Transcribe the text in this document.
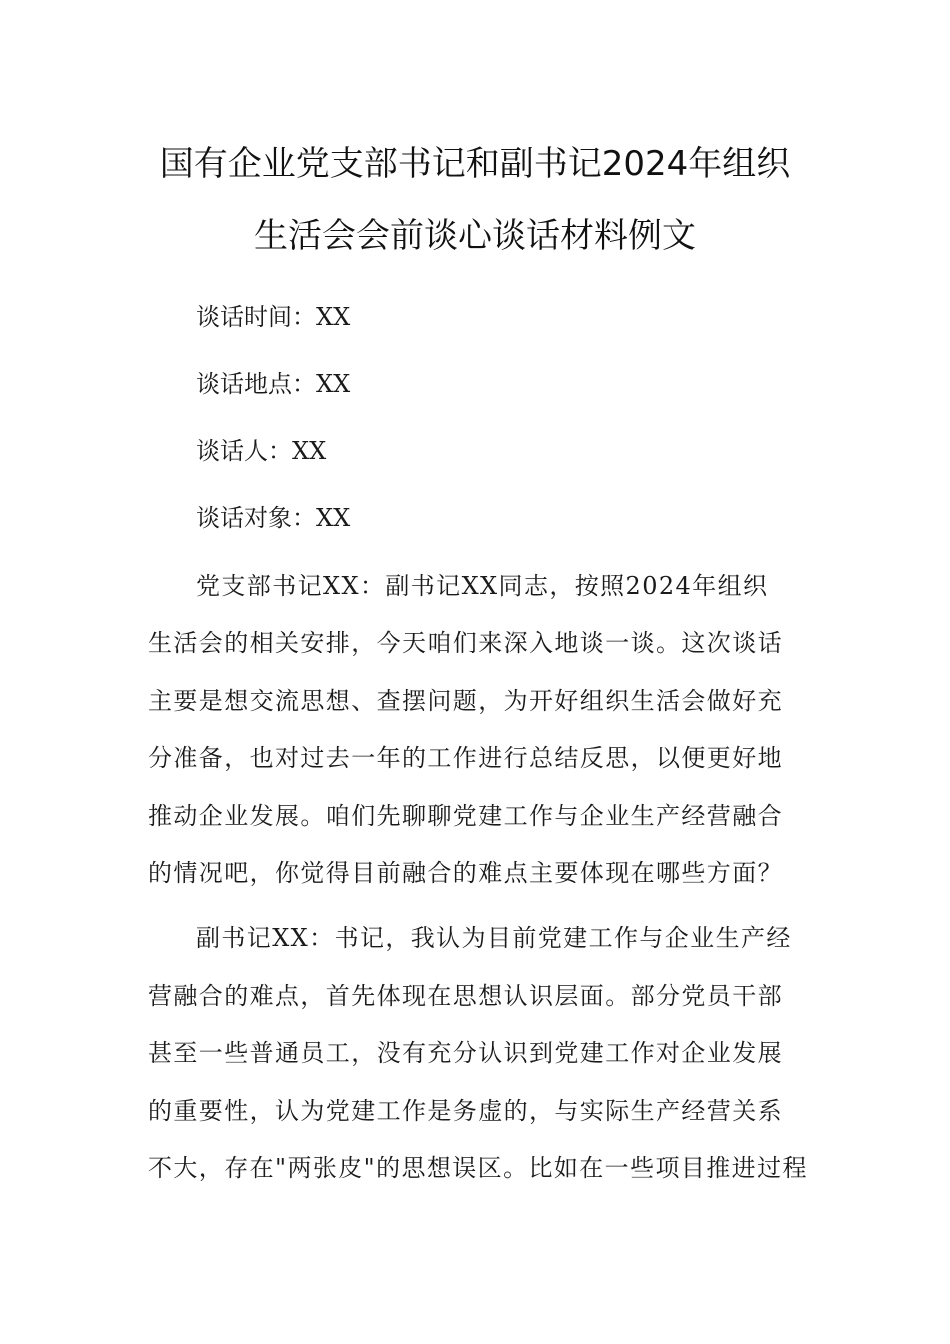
国有企业党支部书记和副书记2024年组织
生活会会前谈心谈话材料例文
谈话时间：XX
谈话地点：XX
谈话人：XX
谈话对象：XX
党支部书记XX：副书记XX同志，按照2024年组织
生活会的相关安排，今天咱们来深入地谈一谈。这次谈话
主要是想交流思想、查摆问题，为开好组织生活会做好充
分准备，也对过去一年的工作进行总结反思，以便更好地
推动企业发展。咱们先聊聊党建工作与企业生产经营融合
的情况吧，你觉得目前融合的难点主要体现在哪些方面？
副书记XX：书记，我认为目前党建工作与企业生产经
营融合的难点，首先体现在思想认识层面。部分党员干部
甚至一些普通员工，没有充分认识到党建工作对企业发展
的重要性，认为党建工作是务虚的，与实际生产经营关系
不大，存在"两张皮"的思想误区。比如在一些项目推进过程
